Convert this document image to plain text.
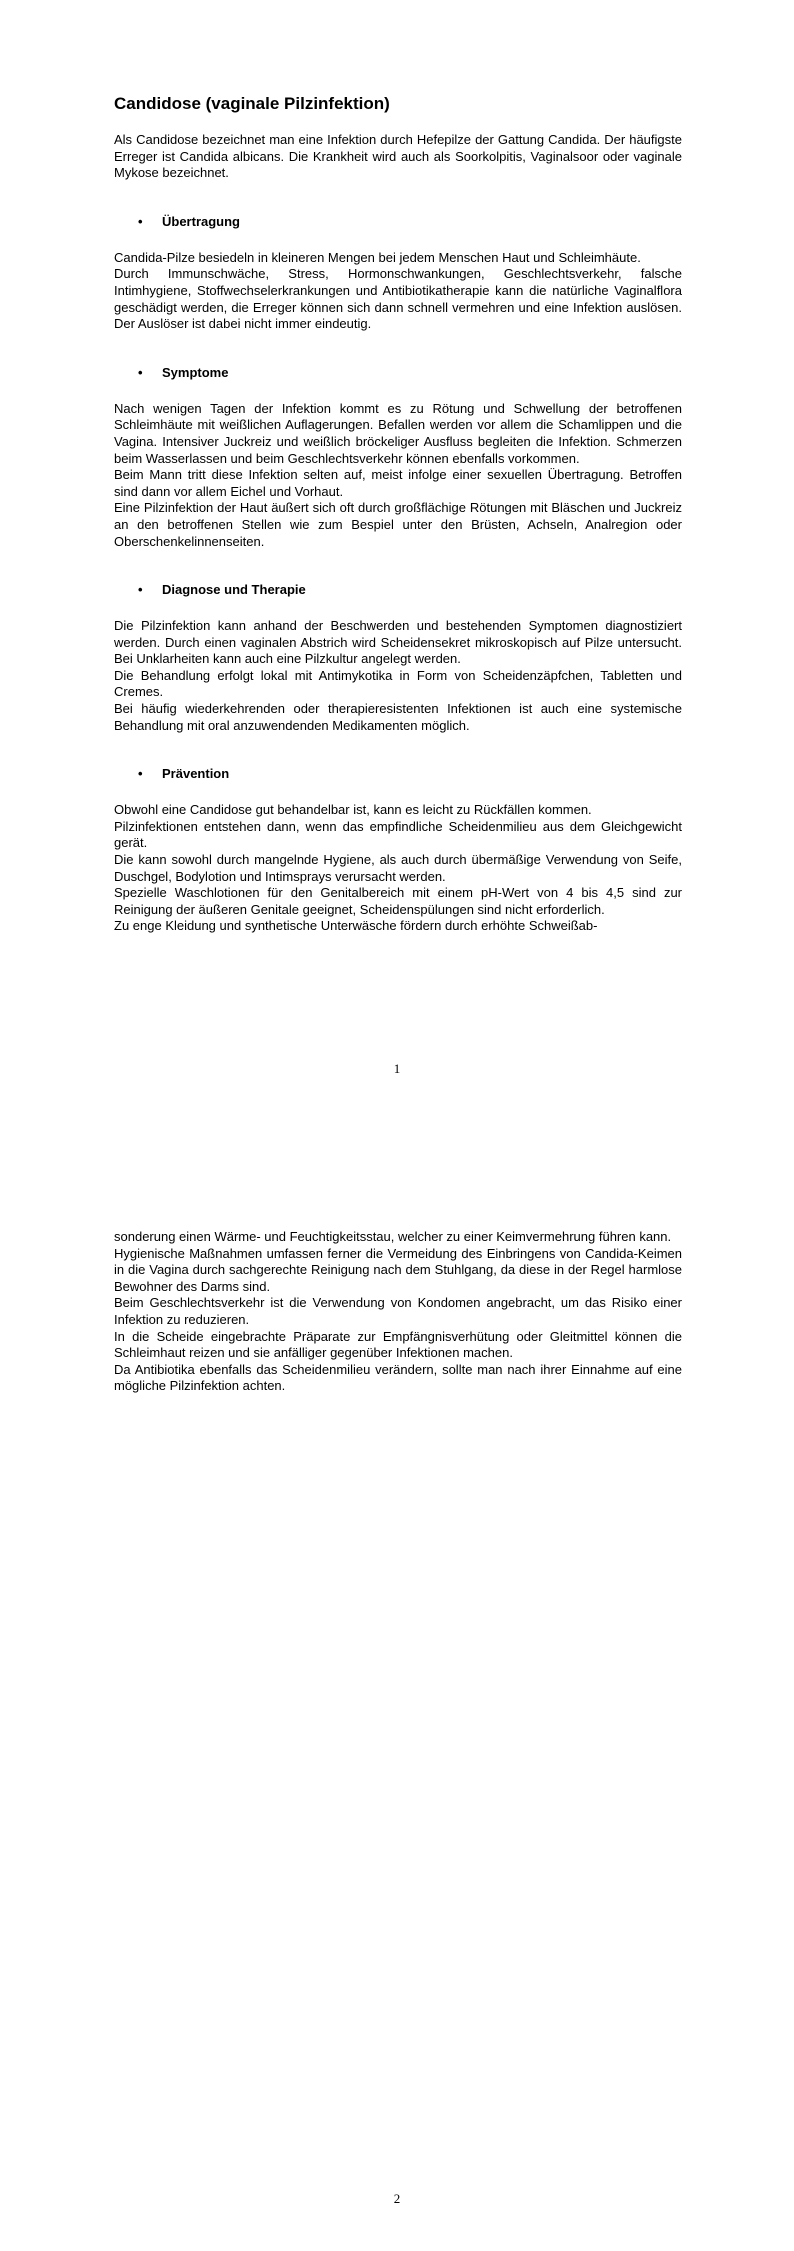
Candidose (vaginale Pilzinfektion)

Als Candidose bezeichnet man eine Infektion durch Hefepilze der Gattung Candida. Der häufigste Erreger ist Candida albicans. Die Krankheit wird auch als Soorkolpitis, Vaginalsoor oder vaginale Mykose bezeichnet.

•	Übertragung

Candida-Pilze besiedeln in kleineren Mengen bei jedem Menschen Haut und Schleimhäute.

Durch Immunschwäche, Stress, Hormonschwankungen, Geschlechtsverkehr, falsche Intimhygiene, Stoffwechselerkrankungen und Antibiotikatherapie kann die natürliche Vaginalflora geschädigt werden, die Erreger können sich dann schnell vermehren und eine Infektion auslösen. Der Auslöser ist dabei nicht immer eindeutig.

•	Symptome

Nach wenigen Tagen der Infektion kommt es zu Rötung und Schwellung der betroffenen Schleimhäute mit weißlichen Auflagerungen. Befallen werden vor allem die Schamlippen und die Vagina. Intensiver Juckreiz und weißlich bröckeliger Ausfluss begleiten die Infektion. Schmerzen beim Wasserlassen und beim Geschlechtsverkehr können ebenfalls vorkommen.

Beim Mann tritt diese Infektion selten auf, meist infolge einer sexuellen Übertragung. Betroffen sind dann vor allem Eichel und Vorhaut.

Eine Pilzinfektion der Haut äußert sich oft durch großflächige Rötungen mit Bläschen und Juckreiz an den betroffenen Stellen wie zum Bespiel unter den Brüsten, Achseln, Analregion oder Oberschenkelinnenseiten.

•	Diagnose und Therapie

Die Pilzinfektion kann anhand der Beschwerden und bestehenden Symptomen diagnostiziert werden. Durch einen vaginalen Abstrich wird Scheidensekret mikroskopisch auf Pilze untersucht. Bei Unklarheiten kann auch eine Pilzkultur angelegt werden.

Die Behandlung erfolgt lokal mit Antimykotika in Form von Scheidenzäpfchen, Tabletten und Cremes.

Bei häufig wiederkehrenden oder therapieresistenten Infektionen ist auch eine systemische Behandlung mit oral anzuwendenden Medikamenten möglich.

•	Prävention

Obwohl eine Candidose gut behandelbar ist, kann es leicht zu Rückfällen kommen.

Pilzinfektionen entstehen dann, wenn das empfindliche Scheidenmilieu aus dem Gleichgewicht gerät.

Die kann sowohl durch mangelnde Hygiene, als auch durch übermäßige Verwendung von Seife, Duschgel, Bodylotion und Intimsprays verursacht werden.

Spezielle Waschlotionen für den Genitalbereich mit einem pH-Wert von 4 bis 4,5 sind zur Reinigung der äußeren Genitale geeignet, Scheidenspülungen sind nicht erforderlich.

Zu enge Kleidung und synthetische Unterwäsche fördern durch erhöhte Schweißab-

1

sonderung einen Wärme- und Feuchtigkeitsstau, welcher zu einer Keimvermehrung führen kann.

Hygienische Maßnahmen umfassen ferner die Vermeidung des Einbringens von Candida-Keimen in die Vagina durch sachgerechte Reinigung nach dem Stuhlgang, da diese in der Regel harmlose Bewohner des Darms sind.

Beim Geschlechtsverkehr ist die Verwendung von Kondomen angebracht, um das Risiko einer Infektion zu reduzieren.

In die Scheide eingebrachte Präparate zur Empfängnisverhütung oder Gleitmittel können die Schleimhaut reizen und sie anfälliger gegenüber Infektionen machen.

Da Antibiotika ebenfalls das Scheidenmilieu verändern, sollte man nach ihrer Einnahme auf eine mögliche Pilzinfektion achten.

2
